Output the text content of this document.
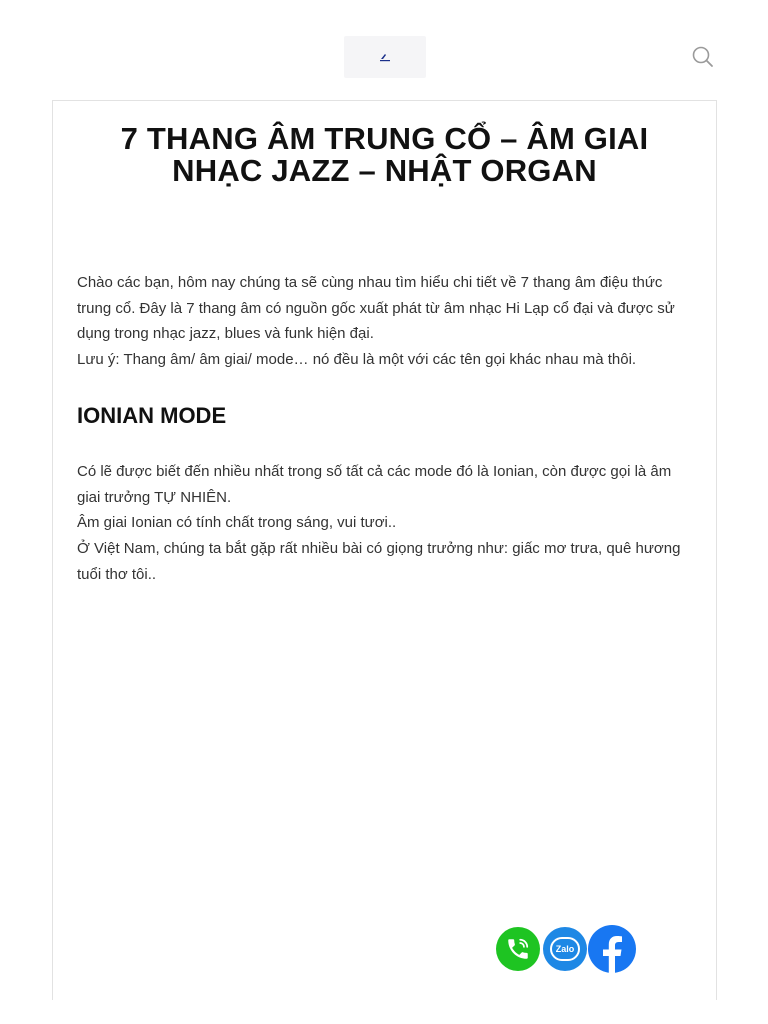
7 THANG ÂM TRUNG CỔ – ÂM GIAI NHẠC JAZZ – NHẬT ORGAN

Chào các bạn, hôm nay chúng ta sẽ cùng nhau tìm hiểu chi tiết về 7 thang âm điệu thức trung cổ. Đây là 7 thang âm có nguồn gốc xuất phát từ âm nhạc Hi Lạp cổ đại và được sử dụng trong nhạc jazz, blues và funk hiện đại.

Lưu ý: Thang âm/ âm giai/ mode… nó đều là một với các tên gọi khác nhau mà thôi.

IONIAN MODE

Có lẽ được biết đến nhiều nhất trong số tất cả các mode đó là Ionian, còn được gọi là âm giai trưởng TỰ NHIÊN.

Âm giai Ionian có tính chất trong sáng, vui tươi..

Ở Việt Nam, chúng ta bắt gặp rất nhiều bài có giọng trưởng như: giấc mơ trưa, quê hương tuổi thơ tôi..

Zalo
